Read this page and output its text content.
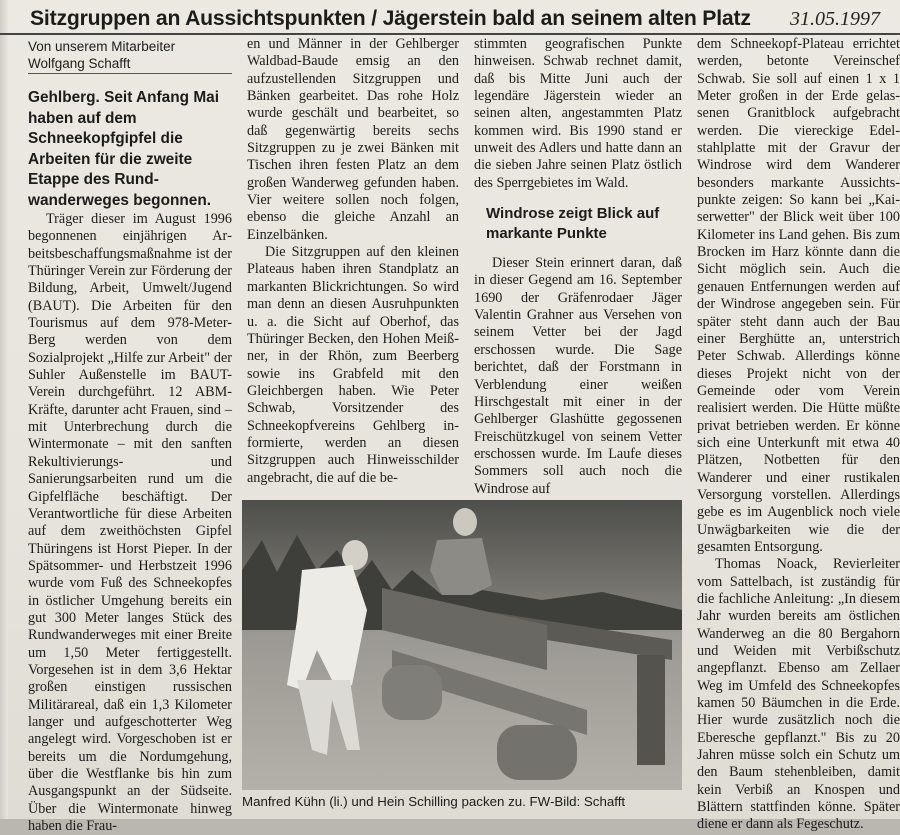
Sitzgruppen an Aussichtspunkten / Jägerstein bald an seinem alten Platz	31.05.1997
Von unserem Mitarbeiter
Wolfgang Schafft
Gehlberg. Seit Anfang Mai haben auf dem Schneekopfgipfel die Arbeiten für die zweite Etappe des Rundwanderweges begonnen.

Träger dieser im August 1996 begonnenen einjährigen Arbeitsbeschaffungsmaßnahme ist der Thüringer Verein zur Förderung der Bildung, Arbeit, Umwelt/Jugend (BAUT). Die Arbeiten für den Tourismus auf dem 978-Meter-Berg werden von dem Sozialprojekt „Hilfe zur Arbeit" der Suhler Außenstelle im BAUT-Verein durchgeführt. 12 ABM-Kräfte, darunter acht Frauen, sind – mit Unterbrechung durch die Wintermonate – mit den sanften Rekultivierungs- und Sanierungsarbeiten rund um die Gipfelfläche beschäftigt. Der Verantwortliche für diese Arbeiten auf dem zweithöchsten Gipfel Thüringens ist Horst Pieper. In der Spätsommer- und Herbstzeit 1996 wurde vom Fuß des Schneekopfes in östlicher Umgehung bereits ein gut 300 Meter langes Stück des Rundwanderweges mit einer Breite um 1,50 Meter fertiggestellt. Vorgesehen ist in dem 3,6 Hektar großen einstigen russischen Militärareal, daß ein 1,3 Kilometer langer und aufgeschotterter Weg angelegt wird. Vorgeschoben ist er bereits um die Nordumgehung, über die Westflanke bis hin zum Ausgangspunkt an der Südseite. Über die Wintermonate hinweg haben die Frau-

en und Männer in der Gehlberger Waldbad-Baude emsig an den aufzustellenden Sitzgruppen und Bänken gearbeitet. Das rohe Holz wurde geschält und bearbeitet, so daß gegenwärtig bereits sechs Sitzgruppen zu je zwei Bänken mit Tischen ihren festen Platz an dem großen Wanderweg gefunden haben. Vier weitere sollen noch folgen, ebenso die gleiche Anzahl an Einzelbänken.

Die Sitzgruppen auf den kleinen Plateaus haben ihren Standplatz an markanten Blickrichtungen. So wird man denn an diesen Ausruhpunkten u. a. die Sicht auf Oberhof, das Thüringer Becken, den Hohen Meißner, in der Rhön, zum Beerberg sowie ins Grabfeld mit den Gleichbergen haben. Wie Peter Schwab, Vorsitzender des Schneekopfvereins Gehlberg informierte, werden an diesen Sitzgruppen auch Hinweisschilder angebracht, die auf die be-

stimmten geografischen Punkte hinweisen. Schwab rechnet damit, daß bis Mitte Juni auch der legendäre Jägerstein wieder an seinen alten, angestammten Platz kommen wird. Bis 1990 stand er unweit des Adlers und hatte dann an die sieben Jahre seinen Platz östlich des Sperrgebietes im Wald.

Windrose zeigt Blick auf markante Punkte

Dieser Stein erinnert daran, daß in dieser Gegend am 16. September 1690 der Gräfenrodaer Jäger Valentin Grahner aus Versehen von seinem Vetter bei der Jagd erschossen wurde. Die Sage berichtet, daß der Forstmann in Verblendung einer weißen Hirschgestalt mit einer in der Gehlberger Glashütte gegossenen Freischützkugel von seinem Vetter erschossen wurde. Im Laufe dieses Sommers soll auch noch die Windrose auf

dem Schneekopf-Plateau errichtet werden, betonte Vereinschef Schwab. Sie soll auf einen 1 x 1 Meter großen in der Erde gelassenen Granitblock aufgebracht werden. Die viereckige Edelstahlplatte mit der Gravur der Windrose wird dem Wanderer besonders markante Aussichtspunkte zeigen: So kann bei „Kaiserwetter" der Blick weit über 100 Kilometer ins Land gehen. Bis zum Brocken im Harz könnte dann die Sicht möglich sein. Auch die genauen Entfernungen werden auf der Windrose angegeben sein. Für später steht dann auch der Bau einer Berghütte an, unterstrich Peter Schwab. Allerdings könne dieses Projekt nicht von der Gemeinde oder vom Verein realisiert werden. Die Hütte müßte privat betrieben werden. Er könne sich eine Unterkunft mit etwa 40 Plätzen, Notbetten für den Wanderer und einer rustikalen Versorgung vorstellen. Allerdings gebe es im Augenblick noch viele Unwägbarkeiten wie die der gesamten Entsorgung.

Thomas Noack, Revierleiter vom Sattelbach, ist zuständig für die fachliche Anleitung: „In diesem Jahr wurden bereits am östlichen Wanderweg an die 80 Bergahorn und Weiden mit Verbißschutz angepflanzt. Ebenso am Zellaer Weg im Umfeld des Schneekopfes kamen 50 Bäumchen in die Erde. Hier wurde zusätzlich noch die Eberesche gepflanzt." Bis zu 20 Jahren müsse solch ein Schutz um den Baum stehenbleiben, damit kein Verbiß an Knospen und Blättern stattfinden könne. Später diene er dann als Fegeschutz.

Manfred Kühn (li.) und Hein Schilling packen zu. FW-Bild: Schafft
